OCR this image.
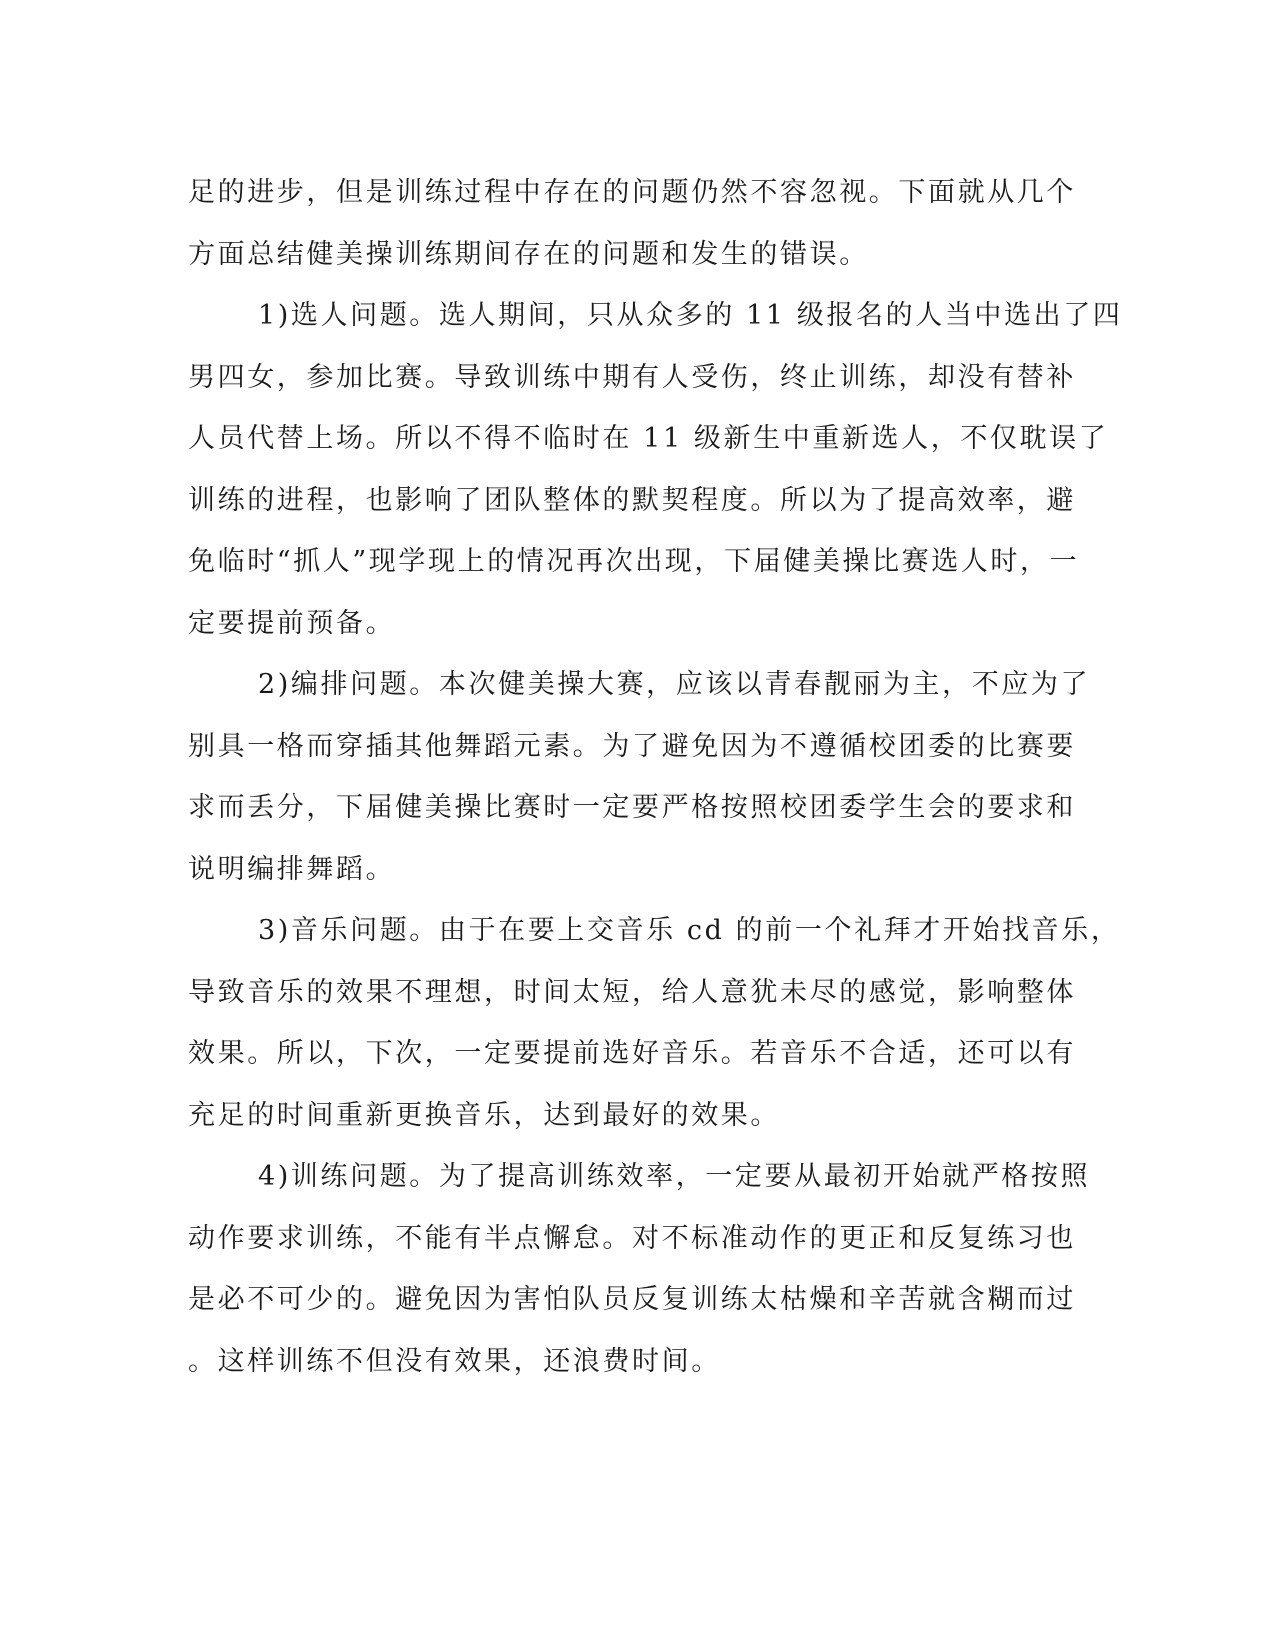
足的进步，但是训练过程中存在的问题仍然不容忽视。下面就从几个
方面总结健美操训练期间存在的问题和发生的错误。
1)选人问题。选人期间，只从众多的 11 级报名的人当中选出了四
男四女，参加比赛。导致训练中期有人受伤，终止训练，却没有替补
人员代替上场。所以不得不临时在 11 级新生中重新选人，不仅耽误了
训练的进程，也影响了团队整体的默契程度。所以为了提高效率，避
免临时“抓人”现学现上的情况再次出现，下届健美操比赛选人时，一
定要提前预备。
2)编排问题。本次健美操大赛，应该以青春靓丽为主，不应为了
别具一格而穿插其他舞蹈元素。为了避免因为不遵循校团委的比赛要
求而丢分，下届健美操比赛时一定要严格按照校团委学生会的要求和
说明编排舞蹈。
3)音乐问题。由于在要上交音乐 cd 的前一个礼拜才开始找音乐，
导致音乐的效果不理想，时间太短，给人意犹未尽的感觉，影响整体
效果。所以，下次，一定要提前选好音乐。若音乐不合适，还可以有
充足的时间重新更换音乐，达到最好的效果。
4)训练问题。为了提高训练效率，一定要从最初开始就严格按照
动作要求训练，不能有半点懈怠。对不标准动作的更正和反复练习也
是必不可少的。避免因为害怕队员反复训练太枯燥和辛苦就含糊而过
。这样训练不但没有效果，还浪费时间。
